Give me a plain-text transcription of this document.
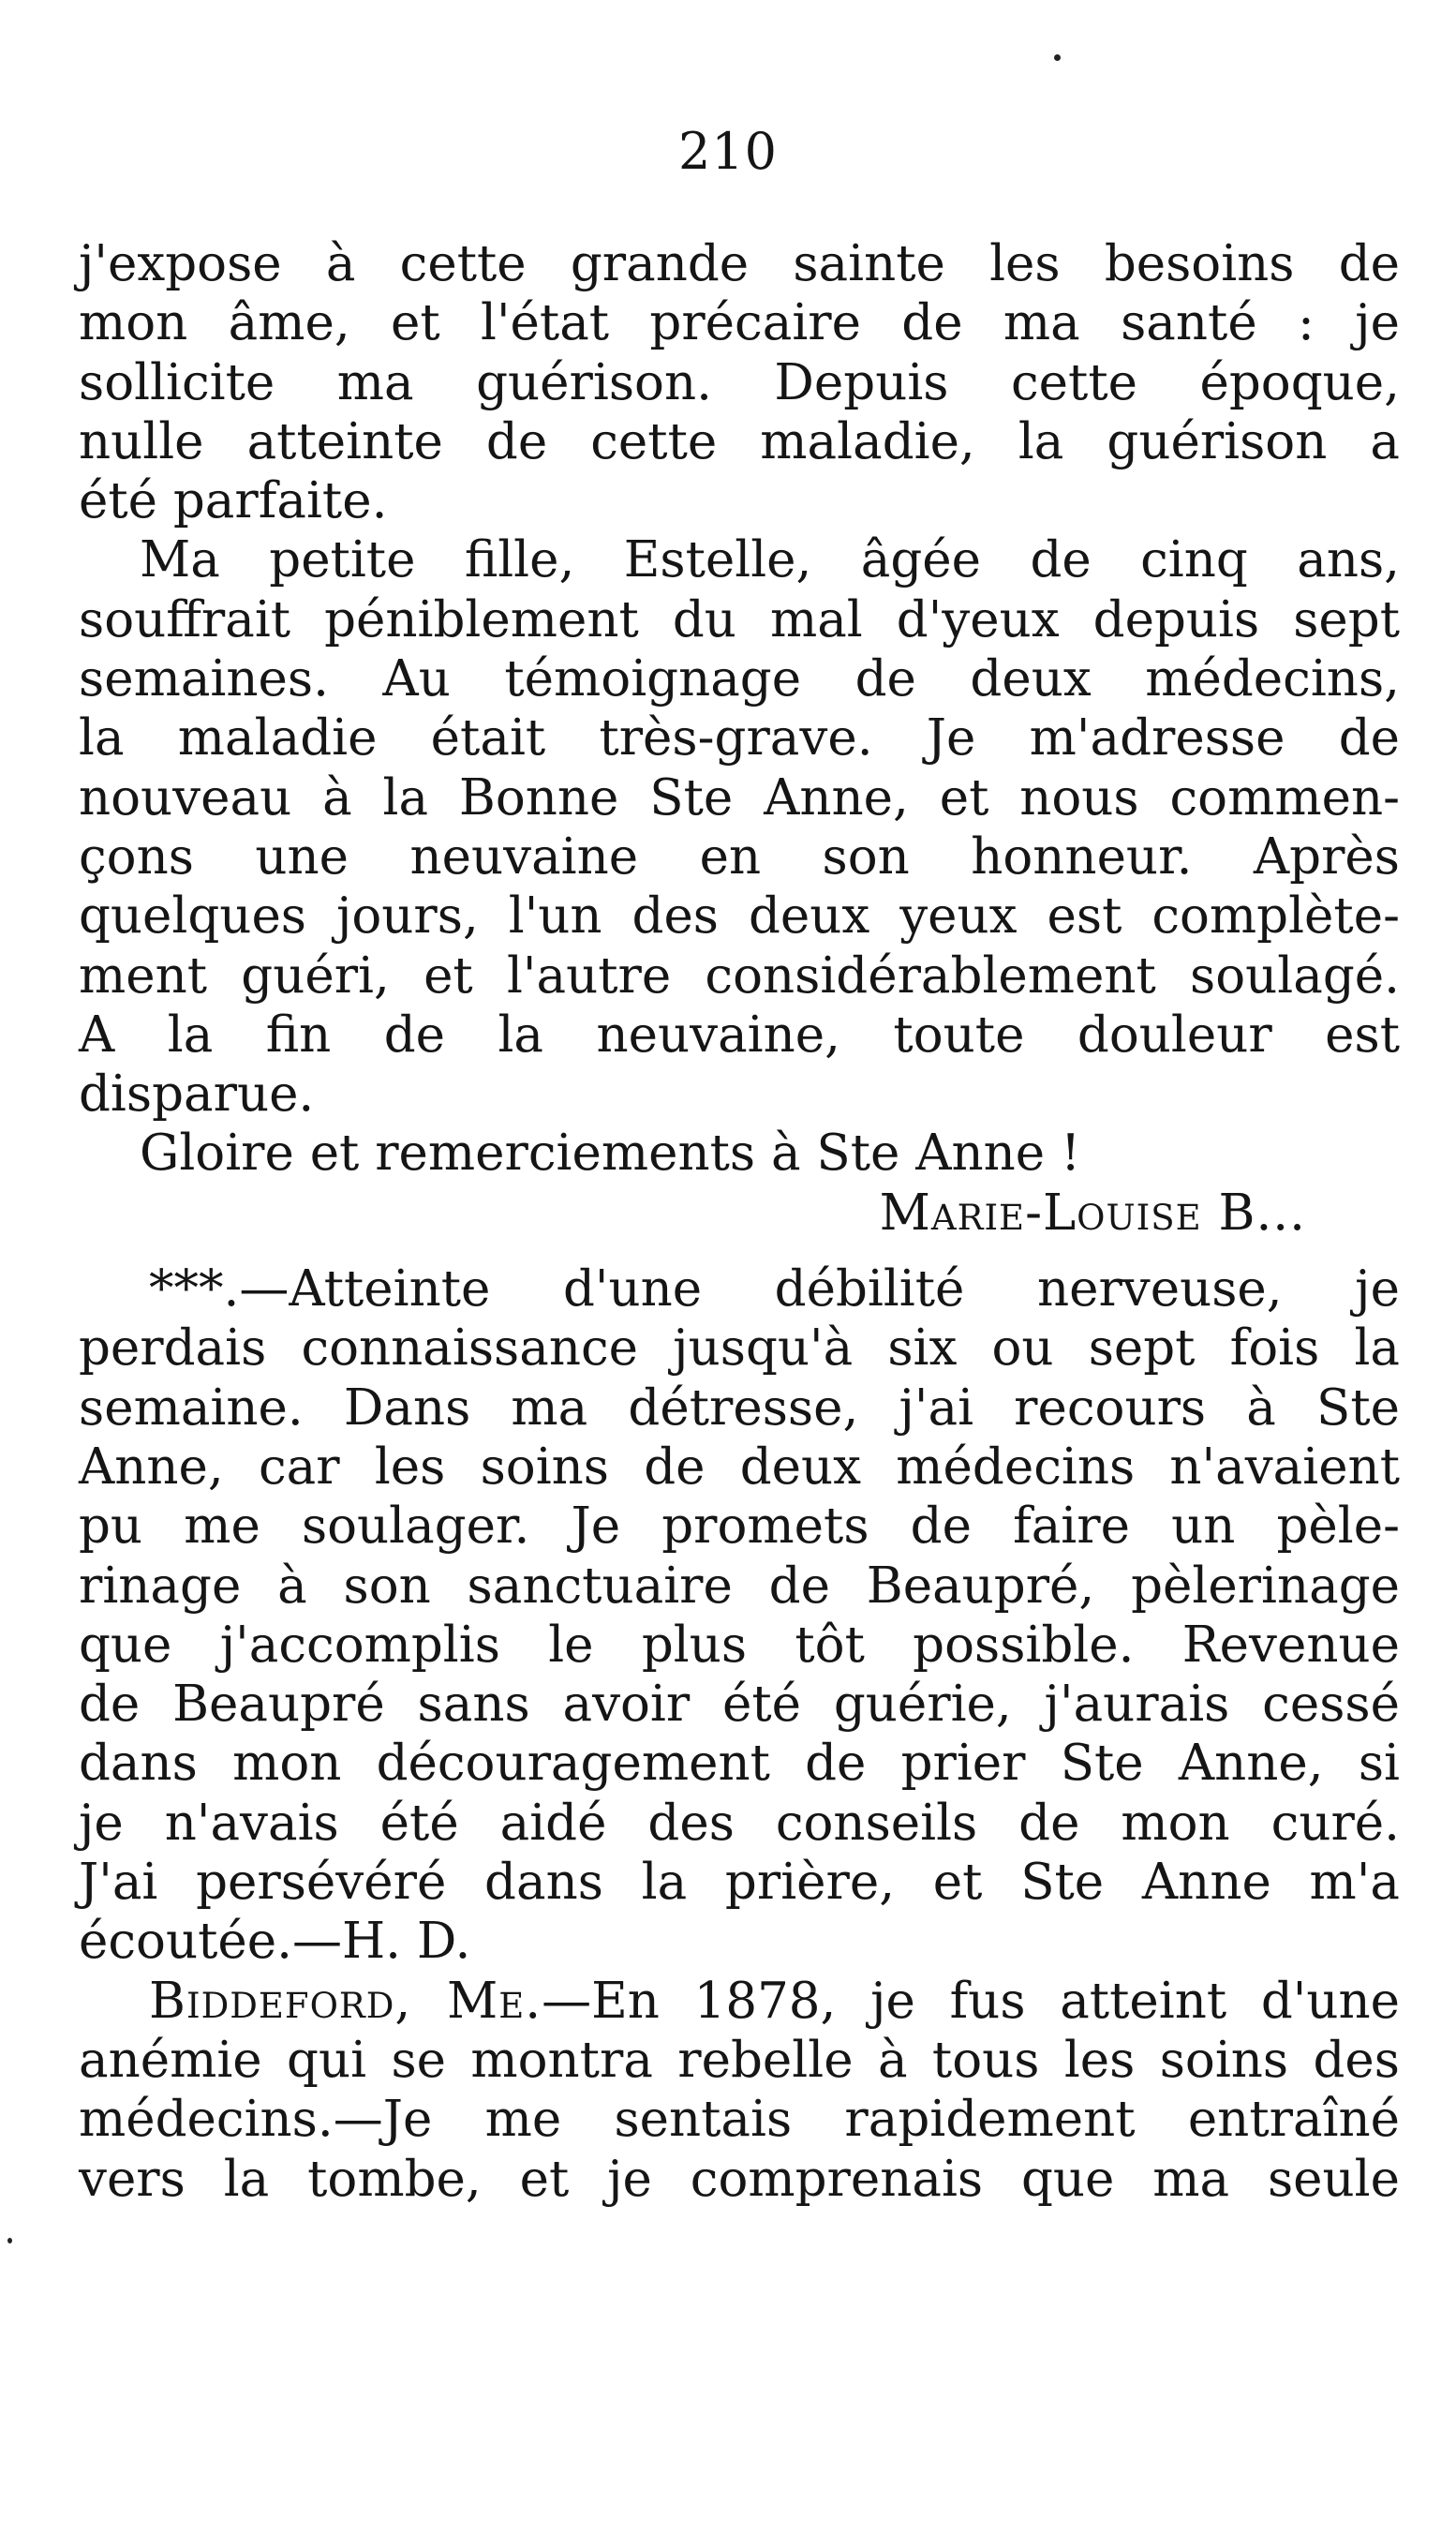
210
j'expose à cette grande sainte les besoins de
mon âme, et l'état précaire de ma santé : je
sollicite ma guérison. Depuis cette époque,
nulle atteinte de cette maladie, la guérison a
été parfaite.
Ma petite fille, Estelle, âgée de cinq ans,
souffrait péniblement du mal d'yeux depuis sept
semaines. Au témoignage de deux médecins,
la maladie était très-grave. Je m'adresse de
nouveau à la Bonne Ste Anne, et nous commen-
çons une neuvaine en son honneur. Après
quelques jours, l'un des deux yeux est complète-
ment guéri, et l'autre considérablement soulagé.
A la fin de la neuvaine, toute douleur est
disparue.
Gloire et remerciements à Ste Anne !
Marie-Louise B...
***.—Atteinte d'une débilité nerveuse, je
perdais connaissance jusqu'à six ou sept fois la
semaine. Dans ma détresse, j'ai recours à Ste
Anne, car les soins de deux médecins n'avaient
pu me soulager. Je promets de faire un pèle-
rinage à son sanctuaire de Beaupré, pèlerinage
que j'accomplis le plus tôt possible. Revenue
de Beaupré sans avoir été guérie, j'aurais cessé
dans mon découragement de prier Ste Anne, si
je n'avais été aidé des conseils de mon curé.
J'ai persévéré dans la prière, et Ste Anne m'a
écoutée.—H. D.
Biddeford, Me.—En 1878, je fus atteint d'une
anémie qui se montra rebelle à tous les soins des
médecins.—Je me sentais rapidement entraîné
vers la tombe, et je comprenais que ma seule
